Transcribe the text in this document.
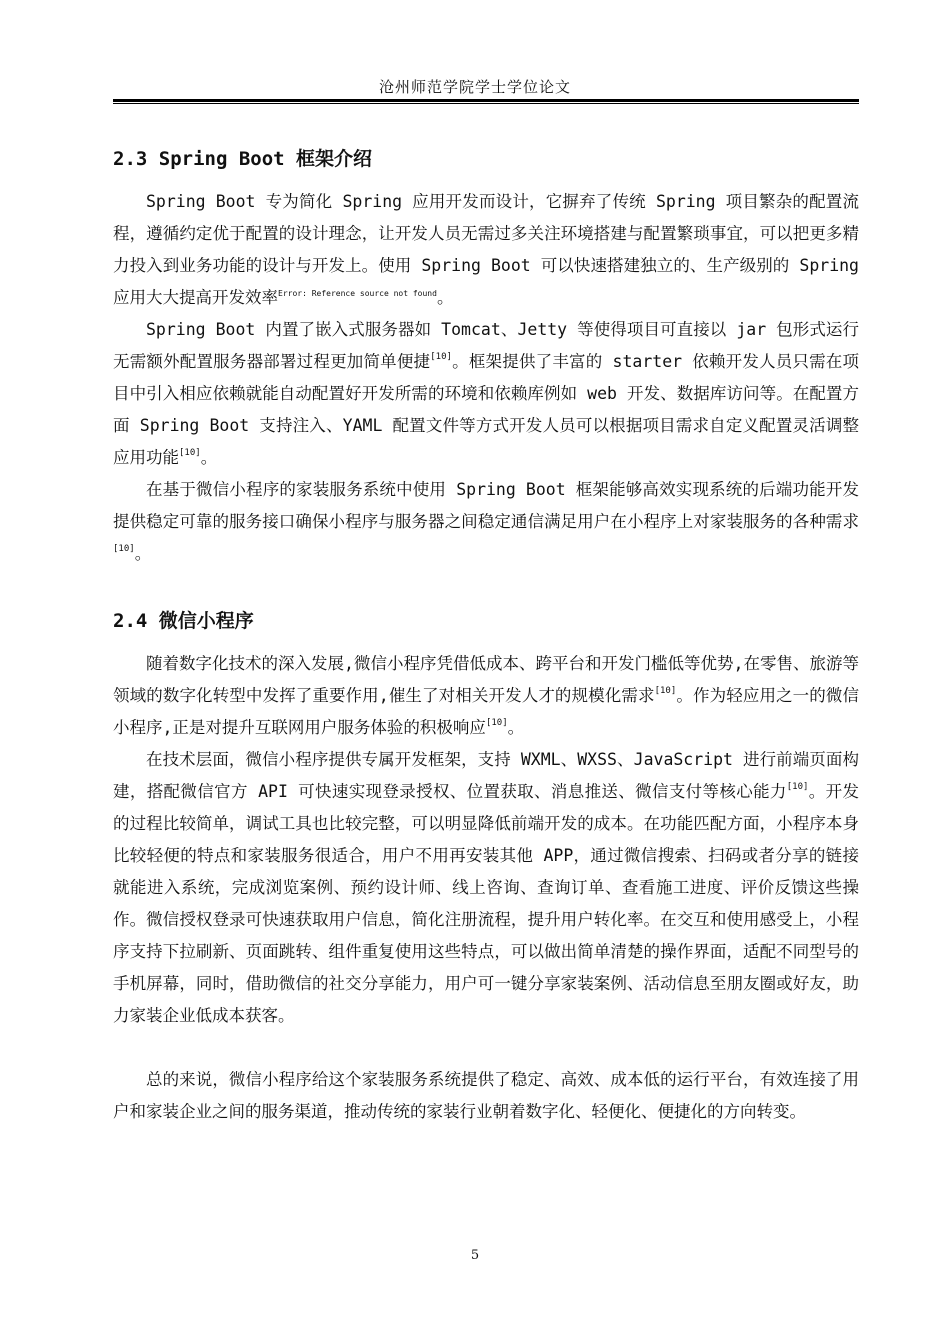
沧州师范学院学士学位论文
2.3 Spring Boot 框架介绍

Spring Boot 专为简化 Spring 应用开发而设计，它摒弃了传统 Spring 项目繁杂的配置流程，遵循约定优于配置的设计理念，让开发人员无需过多关注环境搭建与配置繁琐事宜，可以把更多精力投入到业务功能的设计与开发上。使用 Spring Boot 可以快速搭建独立的、生产级别的 Spring 应用大大提高开发效率$^{Error: Reference source not found}$。

Spring Boot 内置了嵌入式服务器如 Tomcat、Jetty 等使得项目可直接以 jar 包形式运行无需额外配置服务器部署过程更加简单便捷[10]。框架提供了丰富的 starter 依赖开发人员只需在项目中引入相应依赖就能自动配置好开发所需的环境和依赖库例如 web 开发、数据库访问等。在配置方面 Spring Boot 支持注入、YAML 配置文件等方式开发人员可以根据项目需求自定义配置灵活调整应用功能[10]。

在基于微信小程序的家装服务系统中使用 Spring Boot 框架能够高效实现系统的后端功能开发提供稳定可靠的服务接口确保小程序与服务器之间稳定通信满足用户在小程序上对家装服务的各种需求[10]。

2.4 微信小程序

随着数字化技术的深入发展,微信小程序凭借低成本、跨平台和开发门槛低等优势,在零售、旅游等领域的数字化转型中发挥了重要作用,催生了对相关开发人才的规模化需求[10]。作为轻应用之一的微信小程序,正是对提升互联网用户服务体验的积极响应[10]。

在技术层面，微信小程序提供专属开发框架，支持 WXML、WXSS、JavaScript 进行前端页面构建，搭配微信官方 API 可快速实现登录授权、位置获取、消息推送、微信支付等核心能力[10]。开发的过程比较简单，调试工具也比较完整，可以明显降低前端开发的成本。在功能匹配方面，小程序本身比较轻便的特点和家装服务很适合，用户不用再安装其他 APP，通过微信搜索、扫码或者分享的链接就能进入系统，完成浏览案例、预约设计师、线上咨询、查询订单、查看施工进度、评价反馈这些操作。微信授权登录可快速获取用户信息，简化注册流程，提升用户转化率。在交互和使用感受上，小程序支持下拉刷新、页面跳转、组件重复使用这些特点，可以做出简单清楚的操作界面，适配不同型号的手机屏幕，同时，借助微信的社交分享能力，用户可一键分享家装案例、活动信息至朋友圈或好友，助力家装企业低成本获客。

总的来说，微信小程序给这个家装服务系统提供了稳定、高效、成本低的运行平台，有效连接了用户和家装企业之间的服务渠道，推动传统的家装行业朝着数字化、轻便化、便捷化的方向转变。

5
